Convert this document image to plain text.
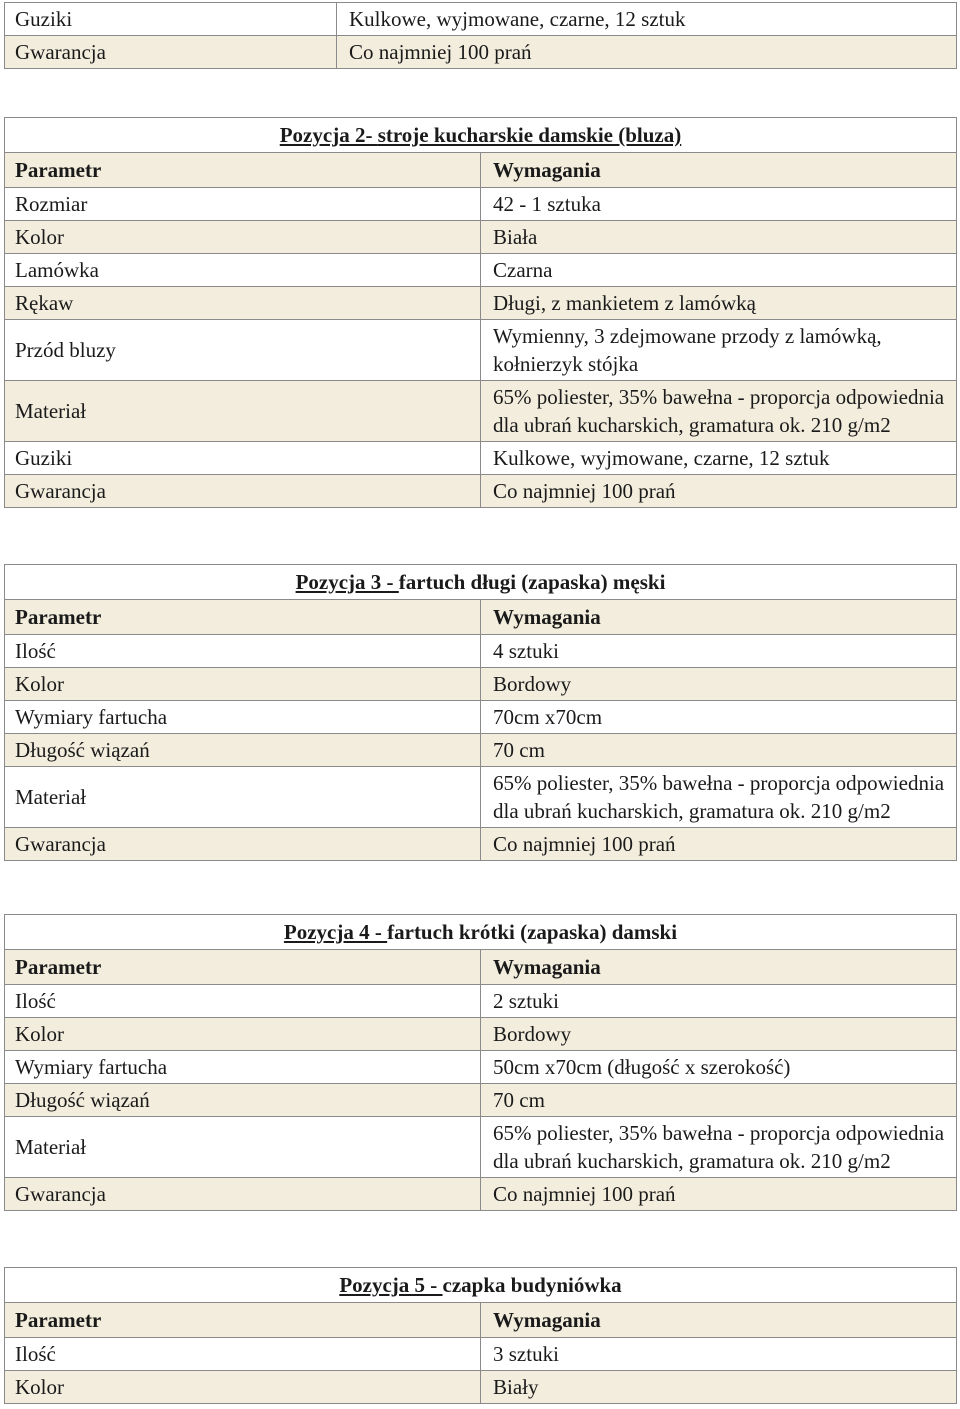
Guziki	Kulkowe, wyjmowane, czarne, 12 sztuk
Gwarancja	Co najmniej 100 prań
Pozycja 2- stroje kucharskie damskie (bluza)	
Parametr	Wymagania
Rozmiar	42 - 1 sztuka
Kolor	Biała
Lamówka	Czarna
Rękaw	Długi, z mankietem z lamówką
Przód bluzy	Wymienny, 3 zdejmowane przody z lamówką, kołnierzyk stójka
Materiał	65% poliester, 35% bawełna - proporcja odpowiednia dla ubrań kucharskich, gramatura ok. 210 g/m2
Guziki	Kulkowe, wyjmowane, czarne, 12 sztuk
Gwarancja	Co najmniej 100 prań
Pozycja 3 - fartuch długi (zapaska) męski	
Parametr	Wymagania
Ilość	4 sztuki
Kolor	Bordowy
Wymiary fartucha	70cm x70cm
Długość wiązań	70 cm
Materiał	65% poliester, 35% bawełna - proporcja odpowiednia dla ubrań kucharskich, gramatura ok. 210 g/m2
Gwarancja	Co najmniej 100 prań
Pozycja 4 - fartuch krótki (zapaska) damski	
Parametr	Wymagania
Ilość	2 sztuki
Kolor	Bordowy
Wymiary fartucha	50cm x70cm (długość x szerokość)
Długość wiązań	70 cm
Materiał	65% poliester, 35% bawełna - proporcja odpowiednia dla ubrań kucharskich, gramatura ok. 210 g/m2
Gwarancja	Co najmniej 100 prań
Pozycja 5 - czapka budyniówka	
Parametr	Wymagania
Ilość	3 sztuki
Kolor	Biały
